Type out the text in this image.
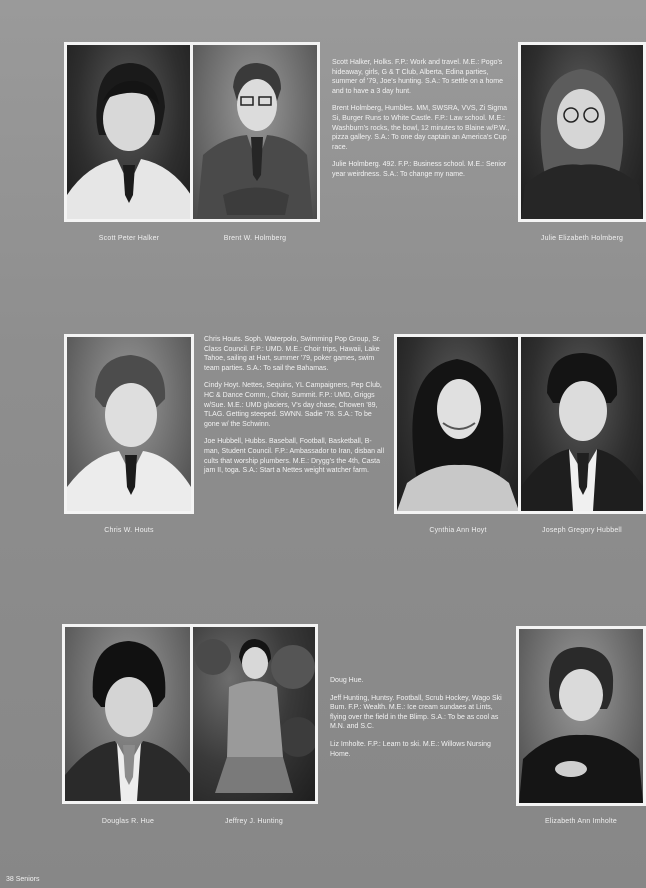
Scott Halker, Holks. F.P.: Work and travel. M.E.: Pogo's hideaway, girls, G & T Club, Alberta, Edina parties, summer of '79, Joe's hunting. S.A.: To settle on a home and to have a 3 day hunt.

Brent Holmberg, Humbles. MM, SWSRA, VVS, Zi Sigma Si, Burger Runs to White Castle. F.P.: Law school. M.E.: Washburn's rocks, the bowl, 12 minutes to Blaine w/P.W., pizza gallery. S.A.: To one day captain an America's Cup race.

Julie Holmberg. 492. F.P.: Business school. M.E.: Senior year weirdness. S.A.: To change my name.

Scott Peter Halker	Brent W. Holmberg	Julie Elizabeth Holmberg

Chris Houts. Soph. Waterpolo, Swimming Pop Group, Sr. Class Council. F.P.: UMD. M.E.: Choir trips, Hawaii, Lake Tahoe, sailing at Hart, summer '79, poker games, swim team parties. S.A.: To sail the Bahamas.

Cindy Hoyt. Nettes, Sequins, YL Campaigners, Pep Club, HC & Dance Comm., Choir, Summit. F.P.: UMD, Griggs w/Sue. M.E.: UMD glaciers, V's day chase, Chowen '89, TLAG. Getting steeped. SWNN. Sadie '78. S.A.: To be gone w/ the Schwinn.

Joe Hubbell, Hubbs. Baseball, Football, Basketball, B-man, Student Council. F.P.: Ambassador to Iran, disban all cults that worship plumbers. M.E.: Drygg's the 4th, Casta jam II, toga. S.A.: Start a Nettes weight watcher farm.

Chris W. Houts	Cynthia Ann Hoyt	Joseph Gregory Hubbell

Doug Hue.

Jeff Hunting, Huntsy. Football, Scrub Hockey, Wago Ski Bum. F.P.: Wealth. M.E.: Ice cream sundaes at Lints, flying over the field in the Blimp. S.A.: To be as cool as M.N. and S.C.

Liz Imholte. F.P.: Learn to ski. M.E.: Willows Nursing Home.

Douglas R. Hue	Jeffrey J. Hunting	Elizabeth Ann Imholte
38 Seniors
